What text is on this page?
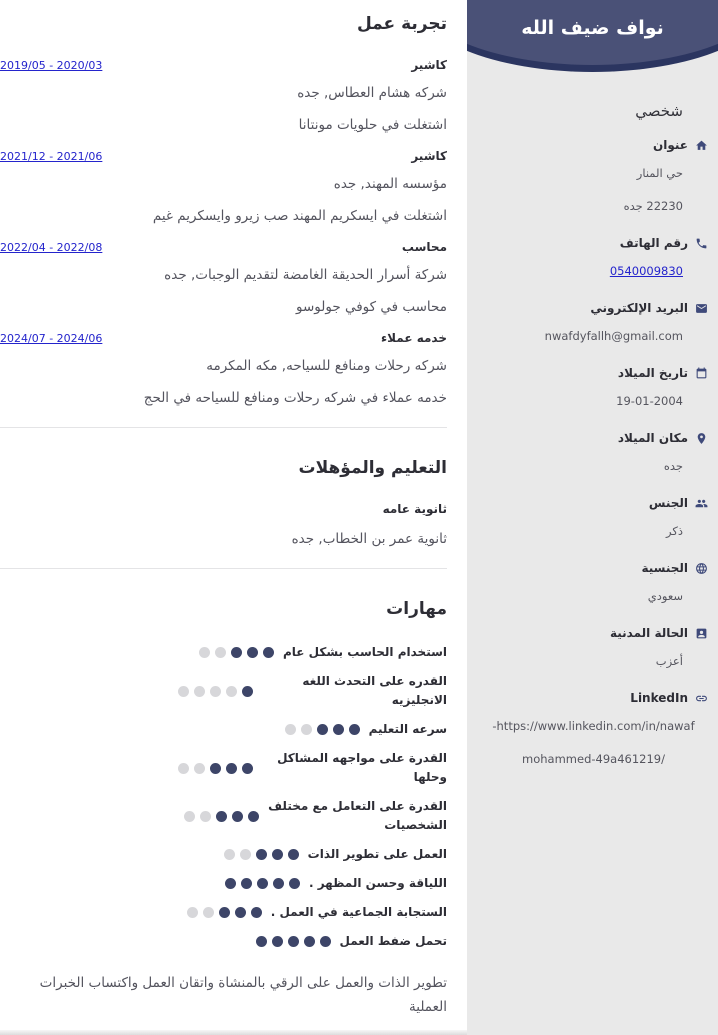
تجربة عمل
كاشير
2019/05 - 2020/03
شركه هشام العطاس, جده
اشتغلت في حلويات مونتانا
كاشير
2021/12 - 2021/06
مؤسسه المهند, جده
اشتغلت في ايسكريم المهند صب زيرو وايسكريم غيم
محاسب
2022/04 - 2022/08
شركة أسرار الحديقة الغامضة لتقديم الوجبات, جده
محاسب في كوفي جولوسو
خدمه عملاء
2024/07 - 2024/06
شركه رحلات ومنافع للسياحه, مكه المكرمه
خدمه عملاء في شركه رحلات ومنافع للسياحه في الحج
التعليم والمؤهلات
ثانوية عامه
ثانوية عمر بن الخطاب, جده
مهارات
استخدام الحاسب بشكل عام
القدره على التحدث اللغه الانجليزيه
سرعه التعليم
القدرة على مواجهه المشاكل وحلها
القدرة على التعامل مع مختلف
الشخصيات
العمل على تطوير الذات
اللياقة وحسن المظهر .
الستجابة الجماعية في العمل .
تحمل ضفط العمل

تطوير الذات والعمل على الرقي بالمنشاة واتقان العمل واكتساب الخبرات العملية

نواف ضيف الله
شخصي
عنوان
حي المنار
22230 جده
رقم الهاتف
0540009830
البريد الإلكتروني
nwafdyfallh@gmail.com
تاريخ الميلاد
19-01-2004
مكان الميلاد
جده
الجنس
ذكر
الجنسية
سعودي
الحالة المدنية
أعزب
LinkedIn
https://www.linkedin.com/in/nawaf-
/mohammed-49a461219
